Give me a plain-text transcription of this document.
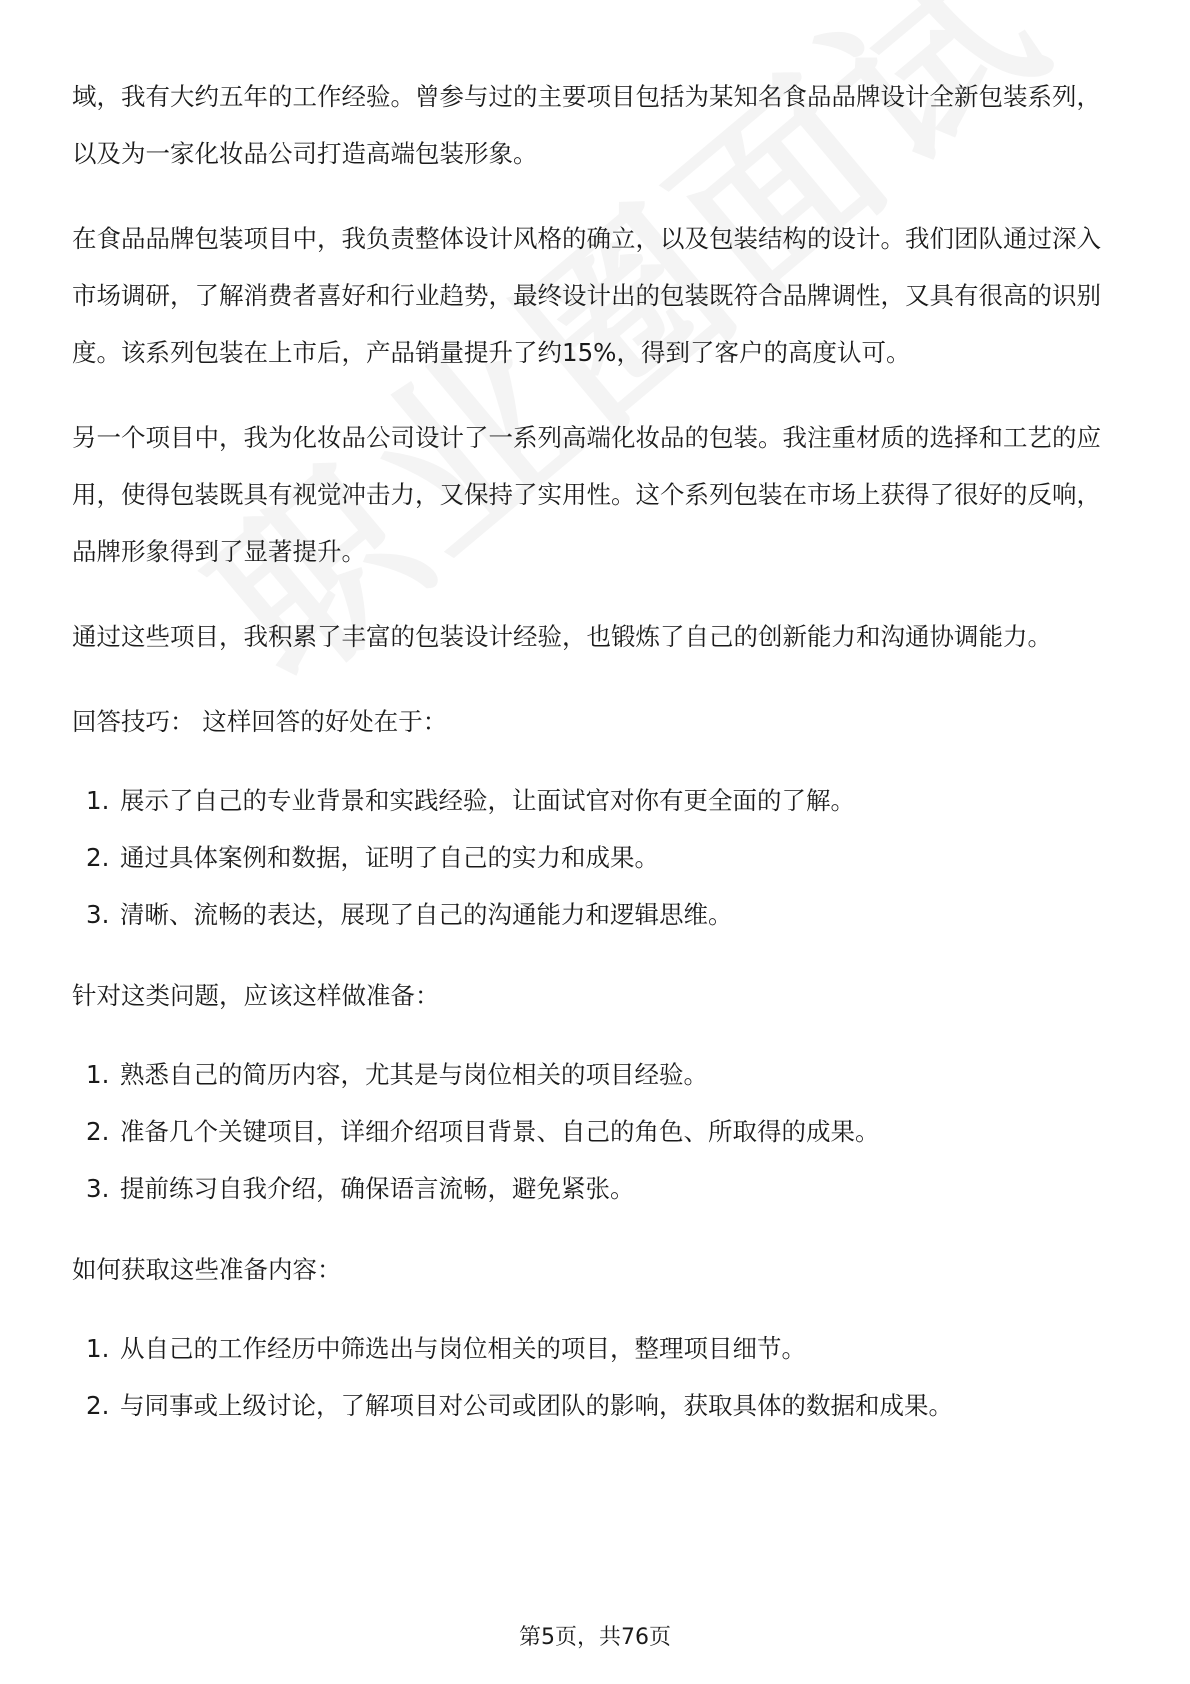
域，我有大约五年的工作经验。曾参与过的主要项目包括为某知名食品品牌设计全新包装系列，以及为一家化妆品公司打造高端包装形象。

在食品品牌包装项目中，我负责整体设计风格的确立，以及包装结构的设计。我们团队通过深入市场调研，了解消费者喜好和行业趋势，最终设计出的包装既符合品牌调性，又具有很高的识别度。该系列包装在上市后，产品销量提升了约15%，得到了客户的高度认可。

另一个项目中，我为化妆品公司设计了一系列高端化妆品的包装。我注重材质的选择和工艺的应用，使得包装既具有视觉冲击力，又保持了实用性。这个系列包装在市场上获得了很好的反响，品牌形象得到了显著提升。

通过这些项目，我积累了丰富的包装设计经验，也锻炼了自己的创新能力和沟通协调能力。

回答技巧： 这样回答的好处在于：

1. 展示了自己的专业背景和实践经验，让面试官对你有更全面的了解。
2. 通过具体案例和数据，证明了自己的实力和成果。
3. 清晰、流畅的表达，展现了自己的沟通能力和逻辑思维。

针对这类问题，应该这样做准备：

1. 熟悉自己的简历内容，尤其是与岗位相关的项目经验。
2. 准备几个关键项目，详细介绍项目背景、自己的角色、所取得的成果。
3. 提前练习自我介绍，确保语言流畅，避免紧张。

如何获取这些准备内容：

1. 从自己的工作经历中筛选出与岗位相关的项目，整理项目细节。
2. 与同事或上级讨论，了解项目对公司或团队的影响，获取具体的数据和成果。
第5页，共76页
